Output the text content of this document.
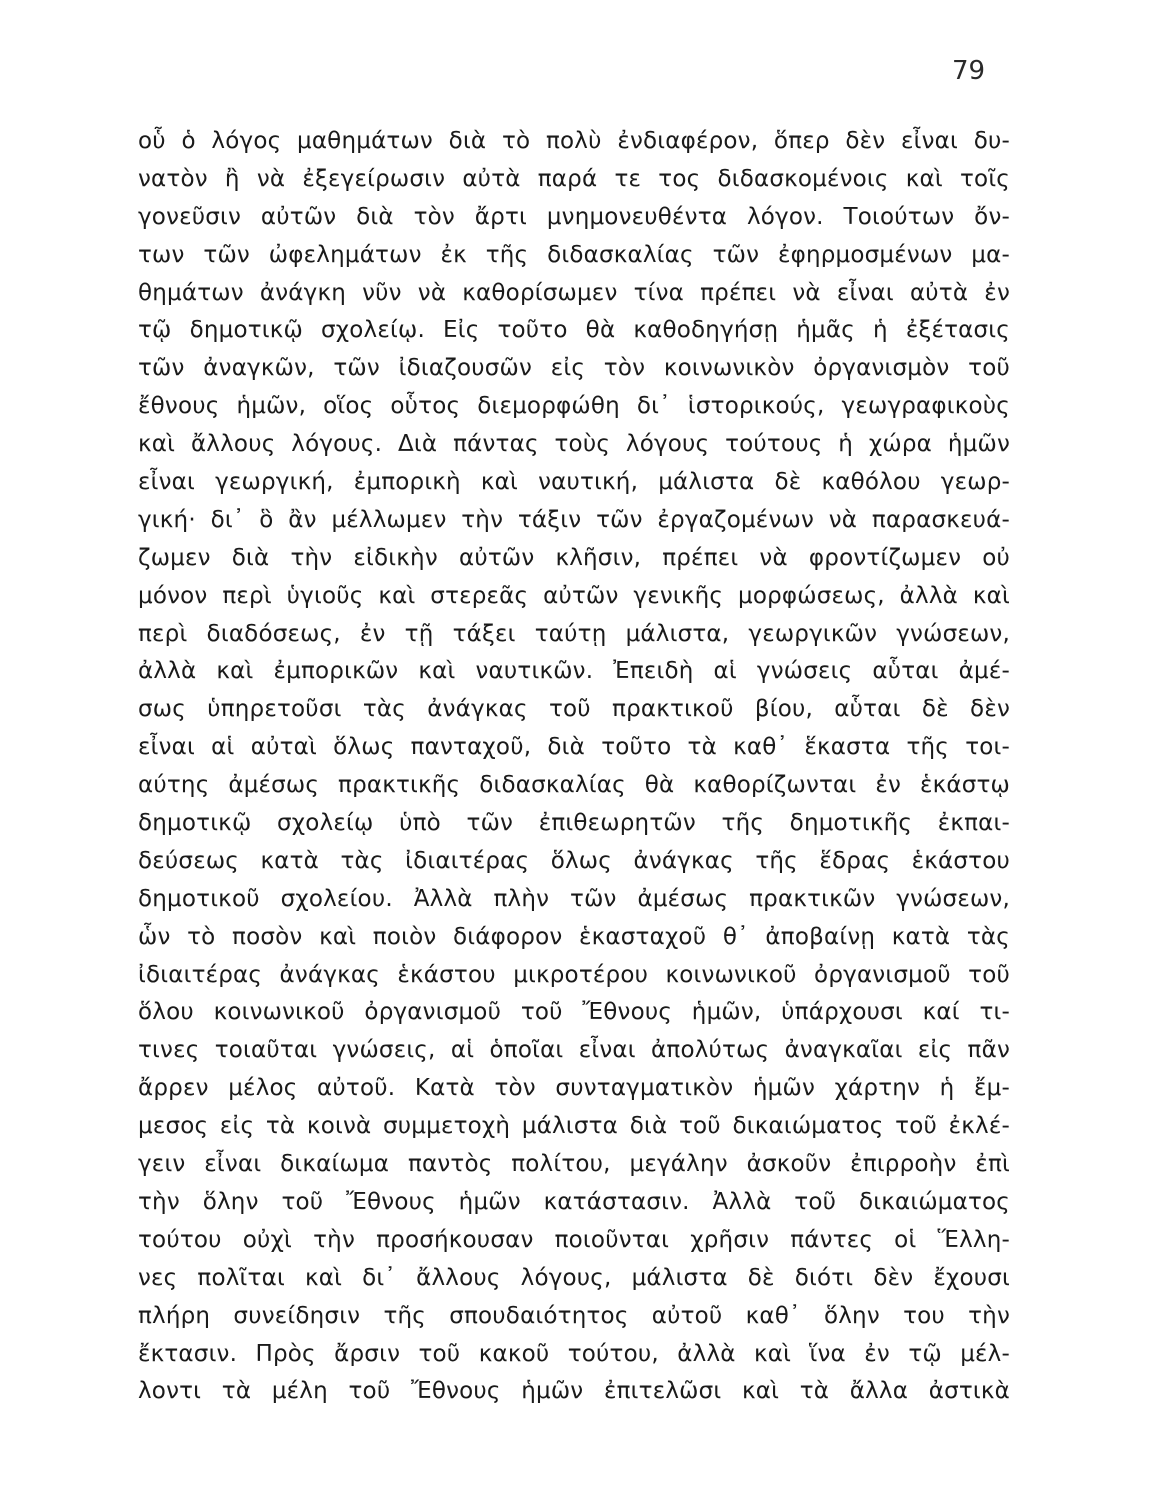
79
οὗ ὁ λόγος μαθημάτων διὰ τὸ πολὺ ἐνδιαφέρον, ὅπερ δὲν εἶναι δυ-
νατὸν ἢ νὰ ἐξεγείρωσιν αὐτὰ παρά τε τος διδασκομένοις καὶ τοῖς
γονεῦσιν αὐτῶν διὰ τὸν ἄρτι μνημονευθέντα λόγον. Τοιούτων ὄν-
των τῶν ὠφελημάτων ἐκ τῆς διδασκαλίας τῶν ἐφηρμοσμένων μα-
θημάτων ἀνάγκη νῦν νὰ καθορίσωμεν τίνα πρέπει νὰ εἶναι αὐτὰ ἐν
τῷ δημοτικῷ σχολείῳ. Εἰς τοῦτο θὰ καθοδηγήσῃ ἡμᾶς ἡ ἐξέτασις
τῶν ἀναγκῶν, τῶν ἰδιαζουσῶν εἰς τὸν κοινωνικὸν ὀργανισμὸν τοῦ
ἔθνους ἡμῶν, οἵος οὗτος διεμορφώθη δι᾽ ἱστορικούς, γεωγραφικοὺς
καὶ ἄλλους λόγους. Διὰ πάντας τοὺς λόγους τούτους ἡ χώρα ἡμῶν
εἶναι γεωργική, ἐμπορικὴ καὶ ναυτική, μάλιστα δὲ καθόλου γεωρ-
γική· δι᾽ ὃ ἂν μέλλωμεν τὴν τάξιν τῶν ἐργαζομένων νὰ παρασκευά-
ζωμεν διὰ τὴν εἰδικὴν αὐτῶν κλῆσιν, πρέπει νὰ φροντίζωμεν οὐ
μόνον περὶ ὑγιοῦς καὶ στερεᾶς αὐτῶν γενικῆς μορφώσεως, ἀλλὰ καὶ
περὶ διαδόσεως, ἐν τῇ τάξει ταύτῃ μάλιστα, γεωργικῶν γνώσεων,
ἀλλὰ καὶ ἐμπορικῶν καὶ ναυτικῶν. Ἐπειδὴ αἱ γνώσεις αὗται ἀμέ-
σως ὑπηρετοῦσι τὰς ἀνάγκας τοῦ πρακτικοῦ βίου, αὗται δὲ δὲν
εἶναι αἱ αὐταὶ ὅλως πανταχοῦ, διὰ τοῦτο τὰ καθ᾽ ἕκαστα τῆς τοι-
αύτης ἀμέσως πρακτικῆς διδασκαλίας θὰ καθορίζωνται ἐν ἑκάστῳ
δημοτικῷ σχολείῳ ὑπὸ τῶν ἐπιθεωρητῶν τῆς δημοτικῆς ἐκπαι-
δεύσεως κατὰ τὰς ἰδιαιτέρας ὅλως ἀνάγκας τῆς ἕδρας ἑκάστου
δημοτικοῦ σχολείου. Ἀλλὰ πλὴν τῶν ἀμέσως πρακτικῶν γνώσεων,
ὧν τὸ ποσὸν καὶ ποιὸν διάφορον ἑκασταχοῦ θ᾽ ἀποβαίνῃ κατὰ τὰς
ἰδιαιτέρας ἀνάγκας ἑκάστου μικροτέρου κοινωνικοῦ ὀργανισμοῦ τοῦ
ὅλου κοινωνικοῦ ὀργανισμοῦ τοῦ Ἔθνους ἡμῶν, ὑπάρχουσι καί τι-
τινες τοιαῦται γνώσεις, αἱ ὁποῖαι εἶναι ἀπολύτως ἀναγκαῖαι εἰς πᾶν
ἄρρεν μέλος αὐτοῦ. Κατὰ τὸν συνταγματικὸν ἡμῶν χάρτην ἡ ἔμ-
μεσος εἰς τὰ κοινὰ συμμετοχὴ μάλιστα διὰ τοῦ δικαιώματος τοῦ ἐκλέ-
γειν εἶναι δικαίωμα παντὸς πολίτου, μεγάλην ἀσκοῦν ἐπιρροὴν ἐπὶ
τὴν ὅλην τοῦ Ἔθνους ἡμῶν κατάστασιν. Ἀλλὰ τοῦ δικαιώματος
τούτου οὐχὶ τὴν προσήκουσαν ποιοῦνται χρῆσιν πάντες οἱ Ἕλλη-
νες πολῖται καὶ δι᾽ ἄλλους λόγους, μάλιστα δὲ διότι δὲν ἔχουσι
πλήρη συνείδησιν τῆς σπουδαιότητος αὐτοῦ καθ᾽ ὅλην του τὴν
ἔκτασιν. Πρὸς ἄρσιν τοῦ κακοῦ τούτου, ἀλλὰ καὶ ἵνα ἐν τῷ μέλ-
λοντι τὰ μέλη τοῦ Ἔθνους ἡμῶν ἐπιτελῶσι καὶ τὰ ἄλλα ἀστικὰ
